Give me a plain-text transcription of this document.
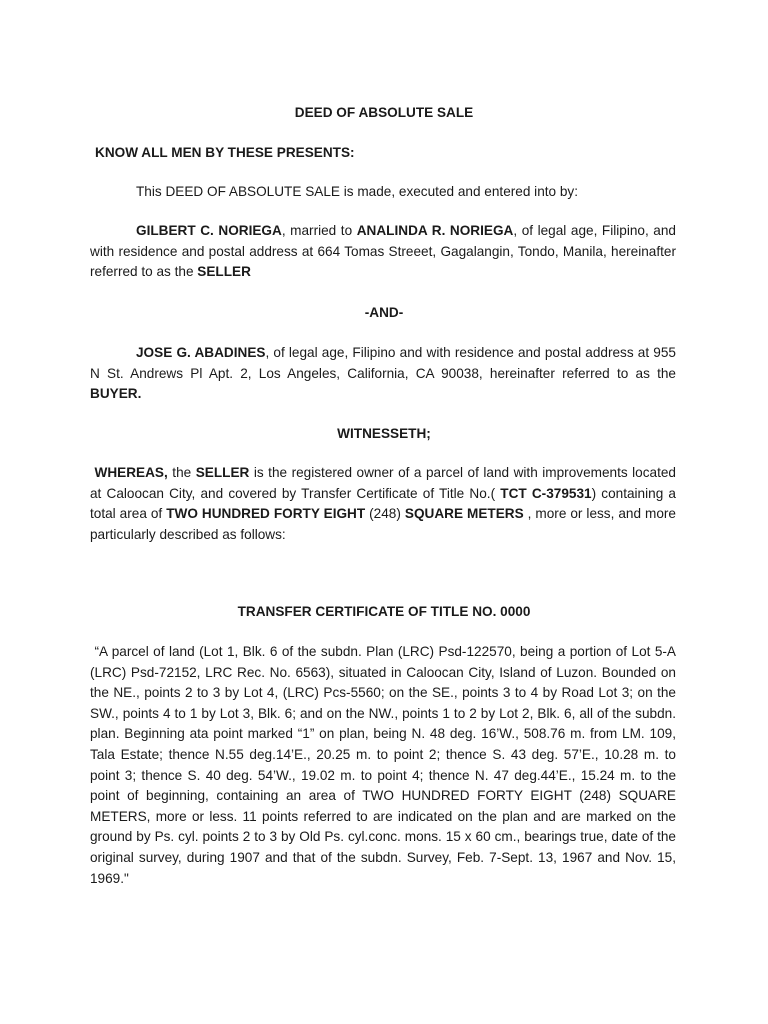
DEED OF ABSOLUTE SALE
KNOW ALL MEN BY THESE PRESENTS:
This DEED OF ABSOLUTE SALE is made, executed and entered into by:
GILBERT C. NORIEGA, married to ANALINDA R. NORIEGA, of legal age, Filipino, and with residence and postal address at 664 Tomas Streeet, Gagalangin, Tondo, Manila, hereinafter referred to as the SELLER
-AND-
JOSE G. ABADINES, of legal age, Filipino and with residence and postal address at 955 N St. Andrews Pl Apt. 2, Los Angeles, California, CA 90038, hereinafter referred to as the BUYER.
WITNESSETH;
WHEREAS, the SELLER is the registered owner of a parcel of land with improvements located at Caloocan City, and covered by Transfer Certificate of Title No.( TCT C-379531) containing a total area of TWO HUNDRED FORTY EIGHT (248) SQUARE METERS , more or less, and more particularly described as follows:
TRANSFER CERTIFICATE OF TITLE NO. 0000
“A parcel of land (Lot 1, Blk. 6 of the subdn. Plan (LRC) Psd-122570, being a portion of Lot 5-A (LRC) Psd-72152, LRC Rec. No. 6563), situated in Caloocan City, Island of Luzon. Bounded on the NE., points 2 to 3 by Lot 4, (LRC) Pcs-5560; on the SE., points 3 to 4 by Road Lot 3; on the SW., points 4 to 1 by Lot 3, Blk. 6; and on the NW., points 1 to 2 by Lot 2, Blk. 6, all of the subdn. plan. Beginning ata point marked “1” on plan, being N. 48 deg. 16’W., 508.76 m. from LM. 109, Tala Estate; thence N.55 deg.14’E., 20.25 m. to point 2; thence S. 43 deg. 57’E., 10.28 m. to point 3; thence S. 40 deg. 54’W., 19.02 m. to point 4; thence N. 47 deg.44’E., 15.24 m. to the point of beginning, containing an area of TWO HUNDRED FORTY EIGHT (248) SQUARE METERS, more or less. 11 points referred to are indicated on the plan and are marked on the ground by Ps. cyl. points 2 to 3 by Old Ps. cyl.conc. mons. 15 x 60 cm., bearings true, date of the original survey, during 1907 and that of the subdn. Survey, Feb. 7-Sept. 13, 1967 and Nov. 15, 1969."
